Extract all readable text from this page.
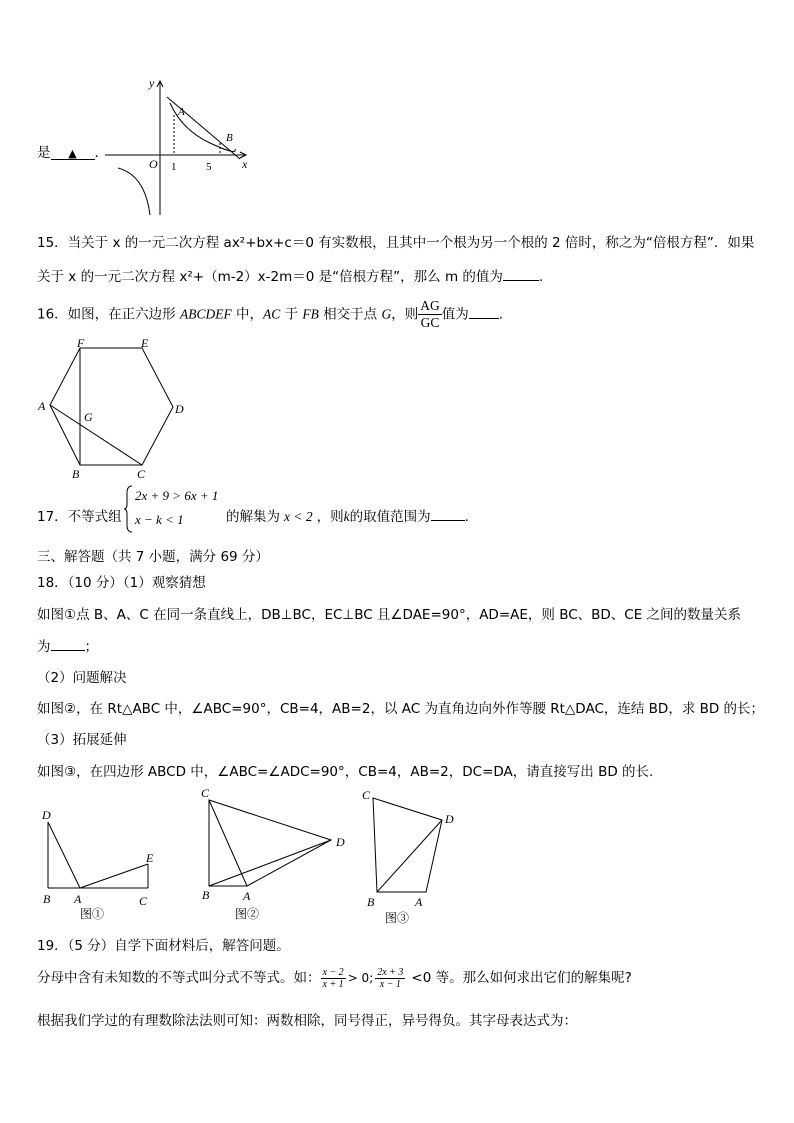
是 ▲ .
y
x
O 1	5
A
B
15．当关于 x 的一元二次方程 ax²+bx+c＝0 有实数根，且其中一个根为另一个根的 2 倍时，称之为“倍根方程”．如果
关于 x 的一元二次方程 x²+（m-2）x-2m＝0 是“倍根方程”，那么 m 的值为	.
16．如图，在正六边形 ABCDEF 中，AC 于 FB 相交于点 G，则 $\frac{AG}{GC}$ 值为 .
A
B	C
D
E
F
G
17．不等式组
2x + 9 > 6x + 1
x − k < 1	的解集为 x < 2 ，则k的取值范围为	.
三、解答题（共 7 小题，满分 69 分）
18．（10 分）（1）观察猜想
如图①点 B、A、C 在同一条直线上，DB⊥BC，EC⊥BC 且∠DAE=90°，AD=AE，则 BC、BD、CE 之间的数量关系
为	；
（2）问题解决
如图②，在 Rt△ABC 中，∠ABC=90°，CB=4，AB=2，以 AC 为直角边向外作等腰 Rt△DAC，连结 BD，求 BD 的长；
（3）拓展延伸
如图③，在四边形 ABCD 中，∠ABC=∠ADC=90°，CB=4，AB=2，DC=DA，请直接写出 BD 的长.
D
E
B A	C
图①
C
D
B	A
图②
C
D
B	A
图③
19．（5 分）自学下面材料后，解答问题。
分母中含有未知数的不等式叫分式不等式。如： $\frac{x - 2}{x + 1} > 0$; $\frac{2x + 3}{x - 1} <0$ 等。那么如何求出它们的解集呢?
根据我们学过的有理数除法法则可知：两数相除，同号得正，异号得负。其字母表达式为：
